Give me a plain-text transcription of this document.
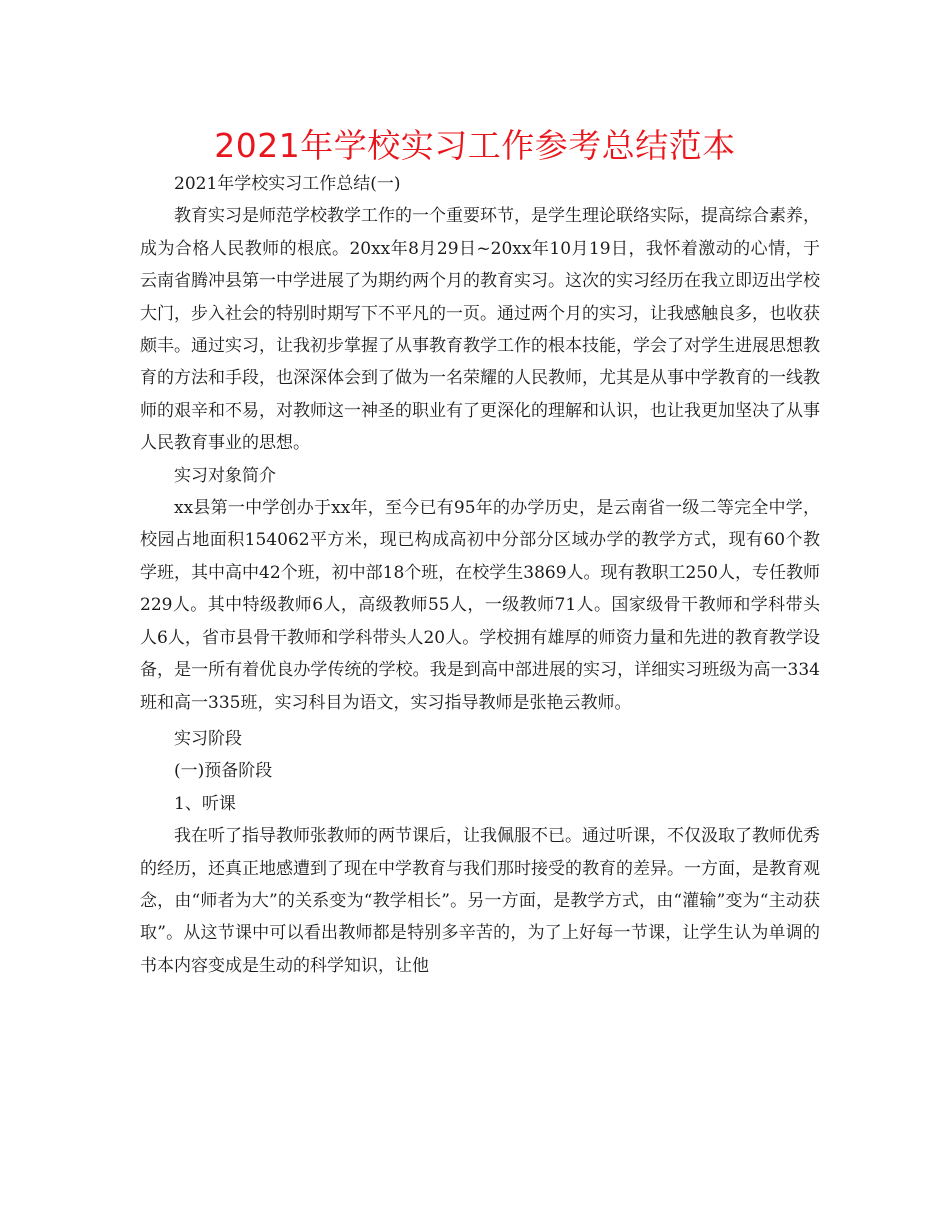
2021年学校实习工作参考总结范本

2021年学校实习工作总结(一)

教育实习是师范学校教学工作的一个重要环节，是学生理论联络实际，提高综合素养，成为合格人民教师的根底。20xx年8月29日~20xx年10月19日，我怀着激动的心情，于云南省腾冲县第一中学进展了为期约两个月的教育实习。这次的实习经历在我立即迈出学校大门，步入社会的特别时期写下不平凡的一页。通过两个月的实习，让我感触良多，也收获颇丰。通过实习，让我初步掌握了从事教育教学工作的根本技能，学会了对学生进展思想教育的方法和手段，也深深体会到了做为一名荣耀的人民教师，尤其是从事中学教育的一线教师的艰辛和不易，对教师这一神圣的职业有了更深化的理解和认识，也让我更加坚决了从事人民教育事业的思想。

实习对象简介

xx县第一中学创办于xx年，至今已有95年的办学历史，是云南省一级二等完全中学，校园占地面积154062平方米，现已构成高初中分部分区域办学的教学方式，现有60个教学班，其中高中42个班，初中部18个班，在校学生3869人。现有教职工250人，专任教师229人。其中特级教师6人，高级教师55人，一级教师71人。国家级骨干教师和学科带头人6人，省市县骨干教师和学科带头人20人。学校拥有雄厚的师资力量和先进的教育教学设备，是一所有着优良办学传统的学校。我是到高中部进展的实习，详细实习班级为高一334班和高一335班，实习科目为语文，实习指导教师是张艳云教师。

实习阶段

(一)预备阶段

1、听课

我在听了指导教师张教师的两节课后，让我佩服不已。通过听课，不仅汲取了教师优秀的经历，还真正地感遭到了现在中学教育与我们那时接受的教育的差异。一方面，是教育观念，由“师者为大”的关系变为“教学相长”。另一方面，是教学方式，由“灌输”变为“主动获取”。从这节课中可以看出教师都是特别多辛苦的，为了上好每一节课，让学生认为单调的书本内容变成是生动的科学知识，让他
